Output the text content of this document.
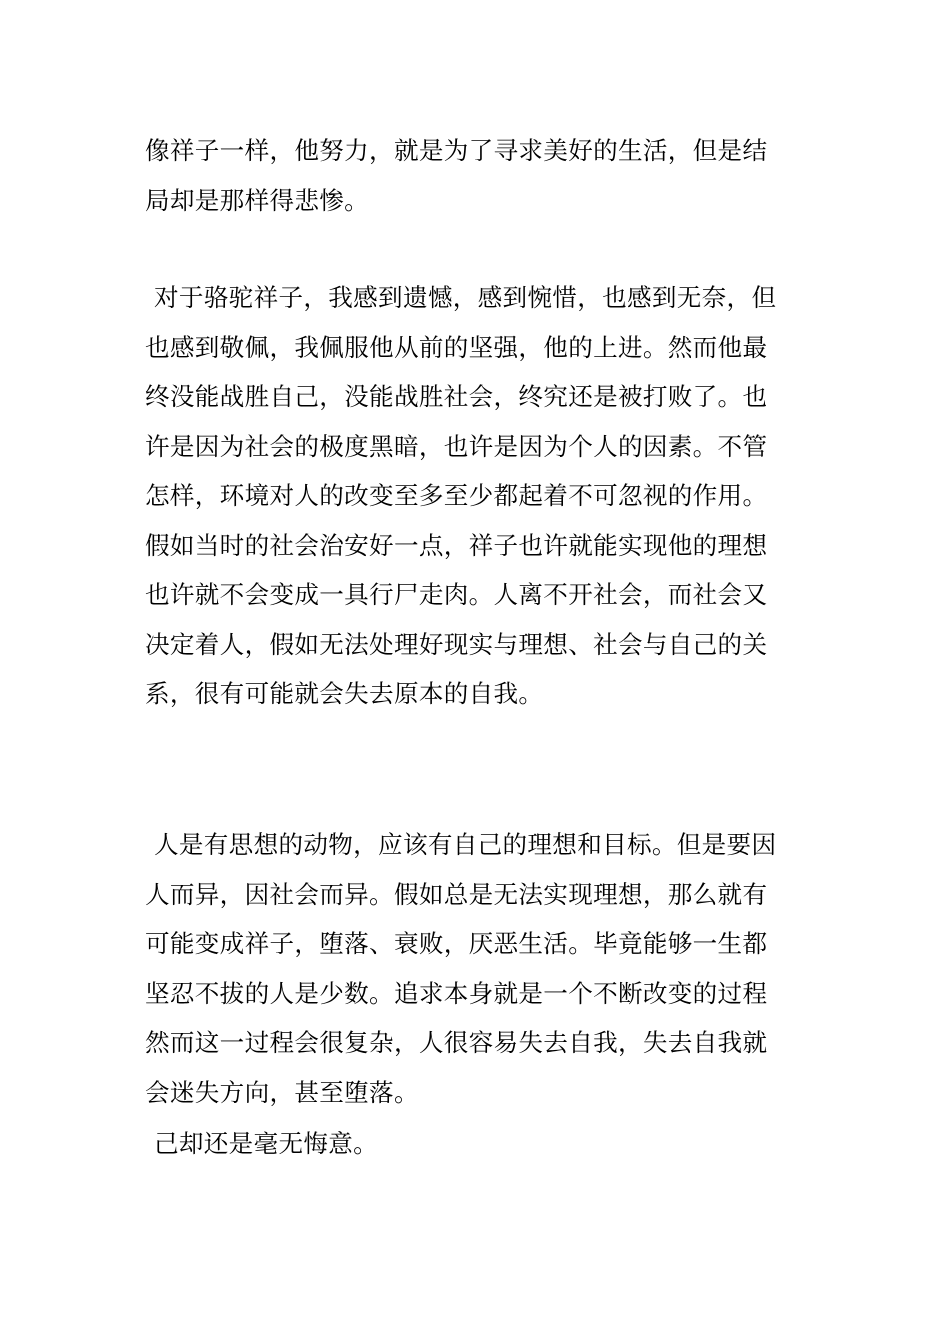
像祥子一样，他努力，就是为了寻求美好的生活，但是结
局却是那样得悲惨。
对于骆驼祥子，我感到遗憾，感到惋惜，也感到无奈，但
也感到敬佩，我佩服他从前的坚强，他的上进。然而他最
终没能战胜自己，没能战胜社会，终究还是被打败了。也
许是因为社会的极度黑暗，也许是因为个人的因素。不管
怎样，环境对人的改变至多至少都起着不可忽视的作用。
假如当时的社会治安好一点，祥子也许就能实现他的理想
也许就不会变成一具行尸走肉。人离不开社会，而社会又
决定着人，假如无法处理好现实与理想、社会与自己的关
系，很有可能就会失去原本的自我。
人是有思想的动物，应该有自己的理想和目标。但是要因
人而异，因社会而异。假如总是无法实现理想，那么就有
可能变成祥子，堕落、衰败，厌恶生活。毕竟能够一生都
坚忍不拔的人是少数。追求本身就是一个不断改变的过程
然而这一过程会很复杂，人很容易失去自我，失去自我就
会迷失方向，甚至堕落。
己却还是毫无悔意。
